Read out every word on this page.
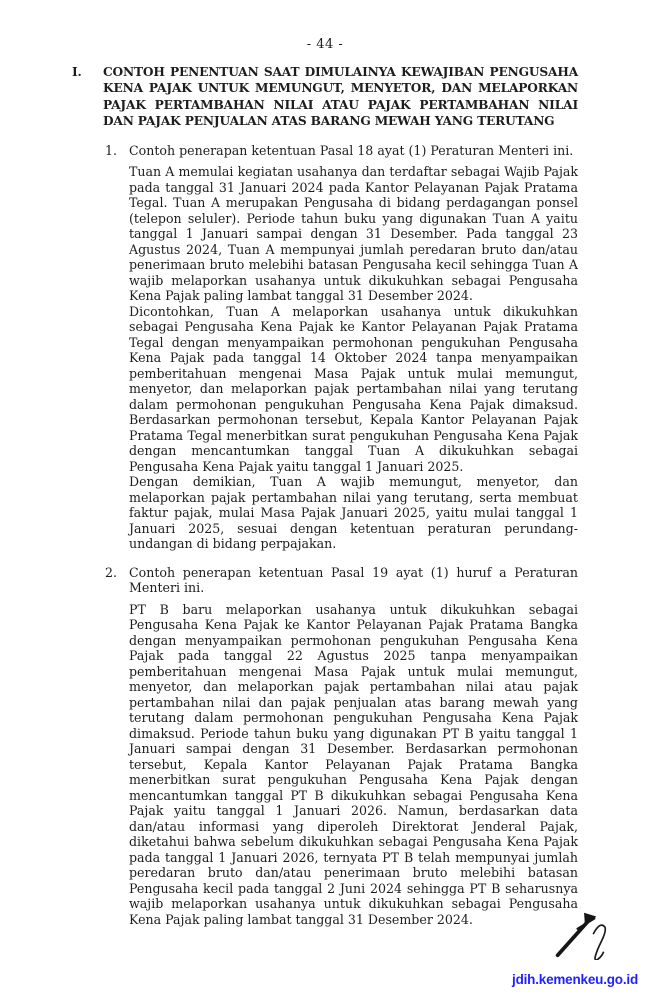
- 44 -
I.	CONTOH PENENTUAN SAAT DIMULAINYA KEWAJIBAN PENGUSAHA KENA PAJAK UNTUK MEMUNGUT, MENYETOR, DAN MELAPORKAN PAJAK PERTAMBAHAN NILAI ATAU PAJAK PERTAMBAHAN NILAI DAN PAJAK PENJUALAN ATAS BARANG MEWAH YANG TERUTANG
1. Contoh penerapan ketentuan Pasal 18 ayat (1) Peraturan Menteri ini.

Tuan A memulai kegiatan usahanya dan terdaftar sebagai Wajib Pajak pada tanggal 31 Januari 2024 pada Kantor Pelayanan Pajak Pratama Tegal. Tuan A merupakan Pengusaha di bidang perdagangan ponsel (telepon seluler). Periode tahun buku yang digunakan Tuan A yaitu tanggal 1 Januari sampai dengan 31 Desember. Pada tanggal 23 Agustus 2024, Tuan A mempunyai jumlah peredaran bruto dan/atau penerimaan bruto melebihi batasan Pengusaha kecil sehingga Tuan A wajib melaporkan usahanya untuk dikukuhkan sebagai Pengusaha Kena Pajak paling lambat tanggal 31 Desember 2024.

Dicontohkan, Tuan A melaporkan usahanya untuk dikukuhkan sebagai Pengusaha Kena Pajak ke Kantor Pelayanan Pajak Pratama Tegal dengan menyampaikan permohonan pengukuhan Pengusaha Kena Pajak pada tanggal 14 Oktober 2024 tanpa menyampaikan pemberitahuan mengenai Masa Pajak untuk mulai memungut, menyetor, dan melaporkan pajak pertambahan nilai yang terutang dalam permohonan pengukuhan Pengusaha Kena Pajak dimaksud. Berdasarkan permohonan tersebut, Kepala Kantor Pelayanan Pajak Pratama Tegal menerbitkan surat pengukuhan Pengusaha Kena Pajak dengan mencantumkan tanggal Tuan A dikukuhkan sebagai Pengusaha Kena Pajak yaitu tanggal 1 Januari 2025.

Dengan demikian, Tuan A wajib memungut, menyetor, dan melaporkan pajak pertambahan nilai yang terutang, serta membuat faktur pajak, mulai Masa Pajak Januari 2025, yaitu mulai tanggal 1 Januari 2025, sesuai dengan ketentuan peraturan perundang-undangan di bidang perpajakan.

2. Contoh penerapan ketentuan Pasal 19 ayat (1) huruf a Peraturan Menteri ini.

PT B baru melaporkan usahanya untuk dikukuhkan sebagai Pengusaha Kena Pajak ke Kantor Pelayanan Pajak Pratama Bangka dengan menyampaikan permohonan pengukuhan Pengusaha Kena Pajak pada tanggal 22 Agustus 2025 tanpa menyampaikan pemberitahuan mengenai Masa Pajak untuk mulai memungut, menyetor, dan melaporkan pajak pertambahan nilai atau pajak pertambahan nilai dan pajak penjualan atas barang mewah yang terutang dalam permohonan pengukuhan Pengusaha Kena Pajak dimaksud. Periode tahun buku yang digunakan PT B yaitu tanggal 1 Januari sampai dengan 31 Desember. Berdasarkan permohonan tersebut, Kepala Kantor Pelayanan Pajak Pratama Bangka menerbitkan surat pengukuhan Pengusaha Kena Pajak dengan mencantumkan tanggal PT B dikukuhkan sebagai Pengusaha Kena Pajak yaitu tanggal 1 Januari 2026. Namun, berdasarkan data dan/atau informasi yang diperoleh Direktorat Jenderal Pajak, diketahui bahwa sebelum dikukuhkan sebagai Pengusaha Kena Pajak pada tanggal 1 Januari 2026, ternyata PT B telah mempunyai jumlah peredaran bruto dan/atau penerimaan bruto melebihi batasan Pengusaha kecil pada tanggal 2 Juni 2024 sehingga PT B seharusnya wajib melaporkan usahanya untuk dikukuhkan sebagai Pengusaha Kena Pajak paling lambat tanggal 31 Desember 2024.

jdih.kemenkeu.go.id
